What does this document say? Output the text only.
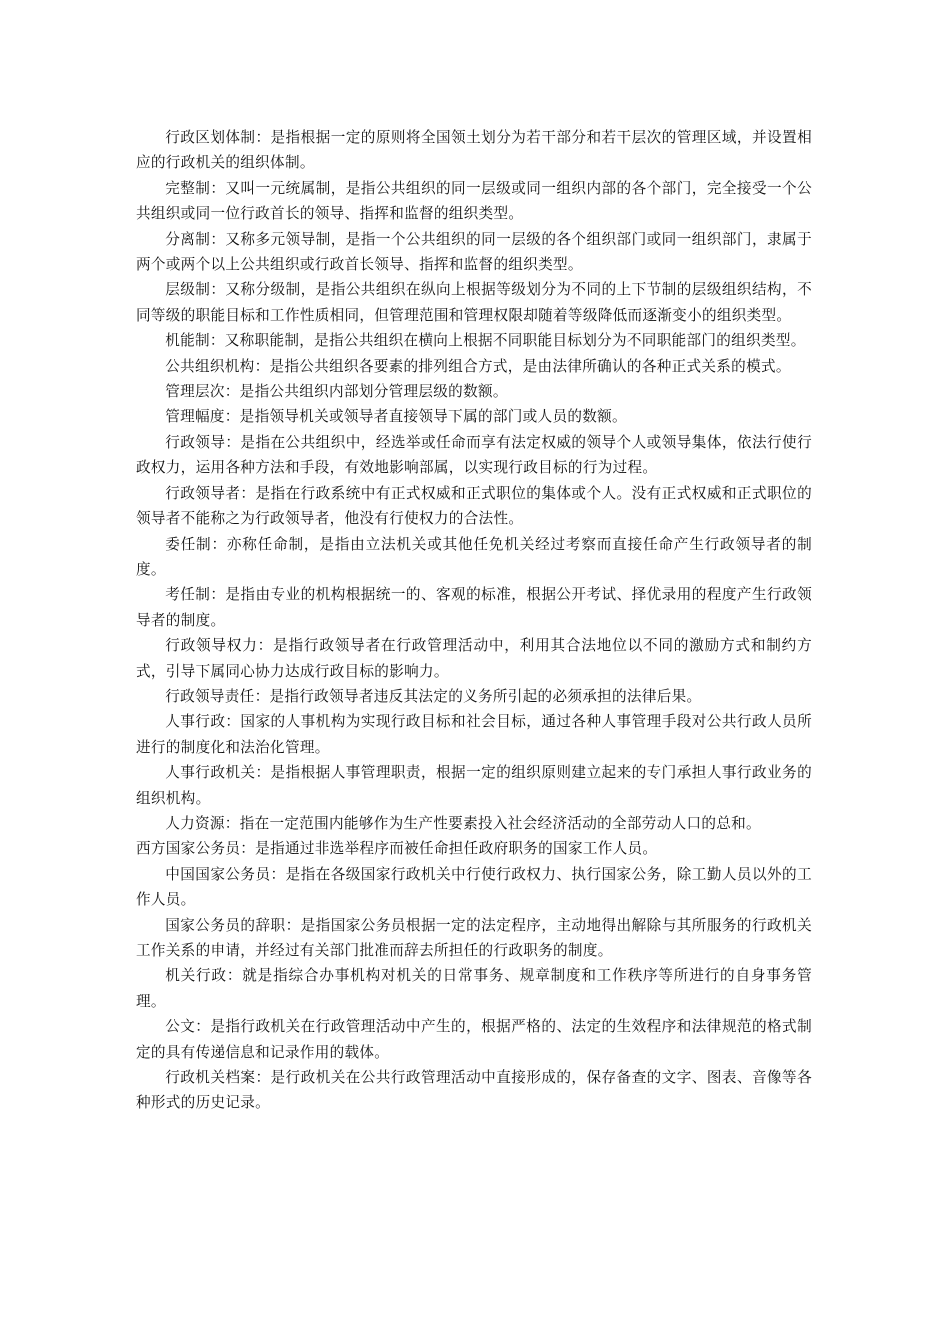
行政区划体制：是指根据一定的原则将全国领土划分为若干部分和若干层次的管理区域，并设置相应的行政机关的组织体制。

完整制：又叫一元统属制，是指公共组织的同一层级或同一组织内部的各个部门，完全接受一个公共组织或同一位行政首长的领导、指挥和监督的组织类型。

分离制：又称多元领导制，是指一个公共组织的同一层级的各个组织部门或同一组织部门，隶属于两个或两个以上公共组织或行政首长领导、指挥和监督的组织类型。

层级制：又称分级制，是指公共组织在纵向上根据等级划分为不同的上下节制的层级组织结构，不同等级的职能目标和工作性质相同，但管理范围和管理权限却随着等级降低而逐渐变小的组织类型。

机能制：又称职能制，是指公共组织在横向上根据不同职能目标划分为不同职能部门的组织类型。

公共组织机构：是指公共组织各要素的排列组合方式，是由法律所确认的各种正式关系的模式。

管理层次：是指公共组织内部划分管理层级的数额。

管理幅度：是指领导机关或领导者直接领导下属的部门或人员的数额。

行政领导：是指在公共组织中，经选举或任命而享有法定权威的领导个人或领导集体，依法行使行政权力，运用各种方法和手段，有效地影响部属，以实现行政目标的行为过程。

行政领导者：是指在行政系统中有正式权威和正式职位的集体或个人。没有正式权威和正式职位的领导者不能称之为行政领导者，他没有行使权力的合法性。

委任制：亦称任命制，是指由立法机关或其他任免机关经过考察而直接任命产生行政领导者的制度。

考任制：是指由专业的机构根据统一的、客观的标准，根据公开考试、择优录用的程度产生行政领导者的制度。

行政领导权力：是指行政领导者在行政管理活动中，利用其合法地位以不同的激励方式和制约方式，引导下属同心协力达成行政目标的影响力。

行政领导责任：是指行政领导者违反其法定的义务所引起的必须承担的法律后果。

人事行政：国家的人事机构为实现行政目标和社会目标，通过各种人事管理手段对公共行政人员所进行的制度化和法治化管理。

人事行政机关：是指根据人事管理职责，根据一定的组织原则建立起来的专门承担人事行政业务的组织机构。

人力资源：指在一定范围内能够作为生产性要素投入社会经济活动的全部劳动人口的总和。

西方国家公务员：是指通过非选举程序而被任命担任政府职务的国家工作人员。

中国国家公务员：是指在各级国家行政机关中行使行政权力、执行国家公务，除工勤人员以外的工作人员。

国家公务员的辞职：是指国家公务员根据一定的法定程序，主动地得出解除与其所服务的行政机关工作关系的申请，并经过有关部门批准而辞去所担任的行政职务的制度。

机关行政：就是指综合办事机构对机关的日常事务、规章制度和工作秩序等所进行的自身事务管理。

公文：是指行政机关在行政管理活动中产生的，根据严格的、法定的生效程序和法律规范的格式制定的具有传递信息和记录作用的载体。

行政机关档案：是行政机关在公共行政管理活动中直接形成的，保存备查的文字、图表、音像等各种形式的历史记录。
